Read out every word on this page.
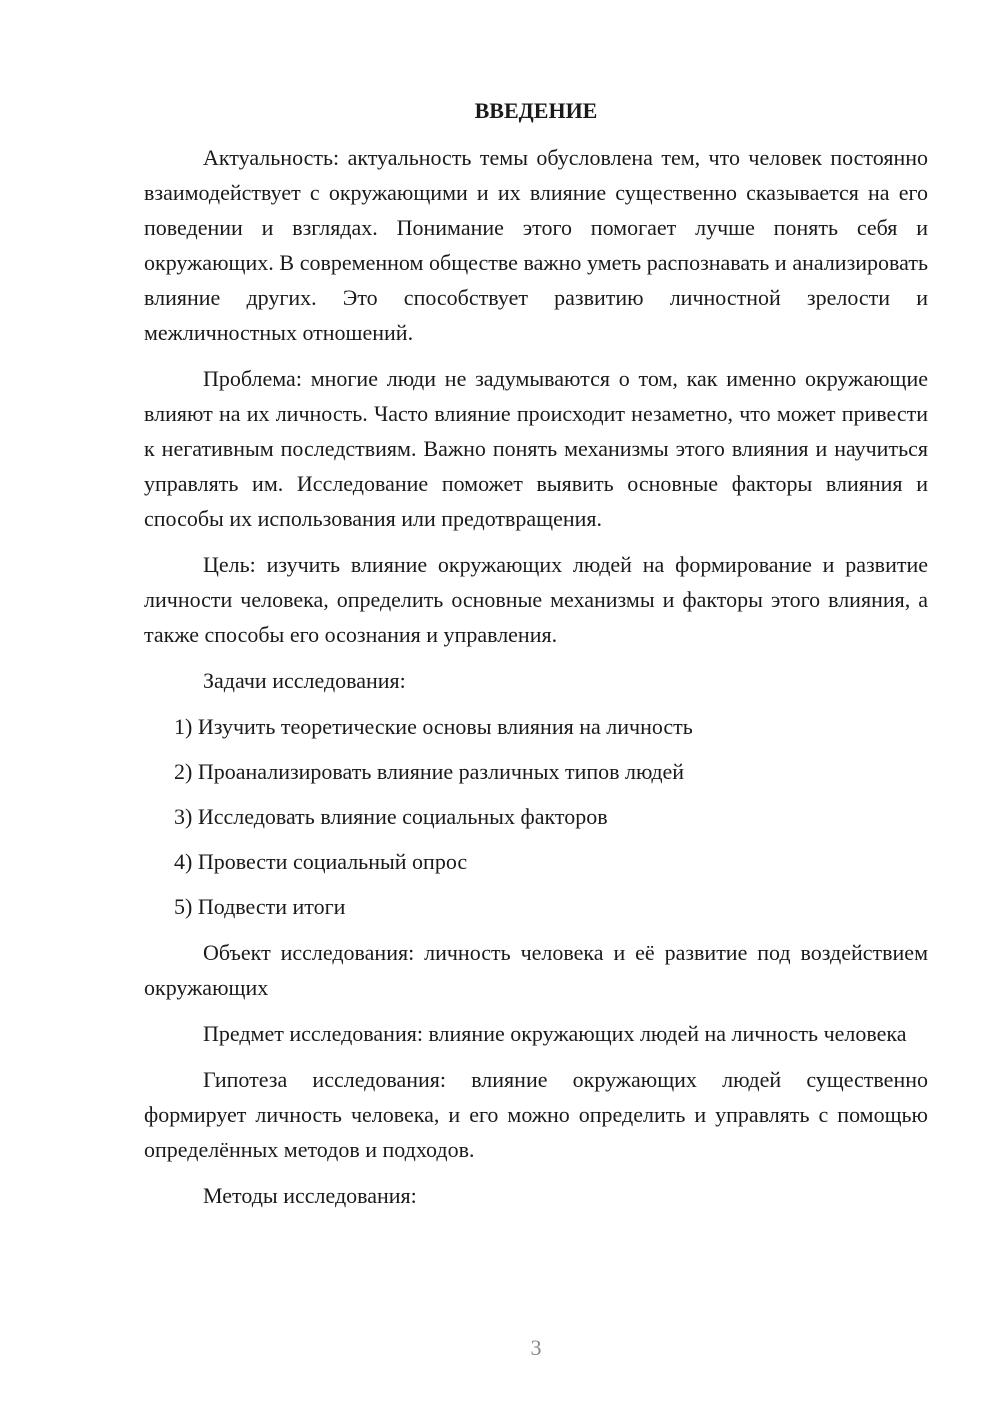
ВВЕДЕНИЕ

Актуальность: актуальность темы обусловлена тем, что человек постоянно взаимодействует с окружающими и их влияние существенно сказывается на его поведении и взглядах. Понимание этого помогает лучше понять себя и окружающих. В современном обществе важно уметь распознавать и анализировать влияние других. Это способствует развитию личностной зрелости и межличностных отношений.

Проблема: многие люди не задумываются о том, как именно окружающие влияют на их личность. Часто влияние происходит незаметно, что может привести к негативным последствиям. Важно понять механизмы этого влияния и научиться управлять им. Исследование поможет выявить основные факторы влияния и способы их использования или предотвращения.

Цель: изучить влияние окружающих людей на формирование и развитие личности человека, определить основные механизмы и факторы этого влияния, а также способы его осознания и управления.

Задачи исследования:

1) Изучить теоретические основы влияния на личность
2) Проанализировать влияние различных типов людей
3) Исследовать влияние социальных факторов
4) Провести социальный опрос
5) Подвести итоги

Объект исследования: личность человека и её развитие под воздействием окружающих

Предмет исследования: влияние окружающих людей на личность человека

Гипотеза исследования: влияние окружающих людей существенно формирует личность человека, и его можно определить и управлять с помощью определённых методов и подходов.

Методы исследования:

3
